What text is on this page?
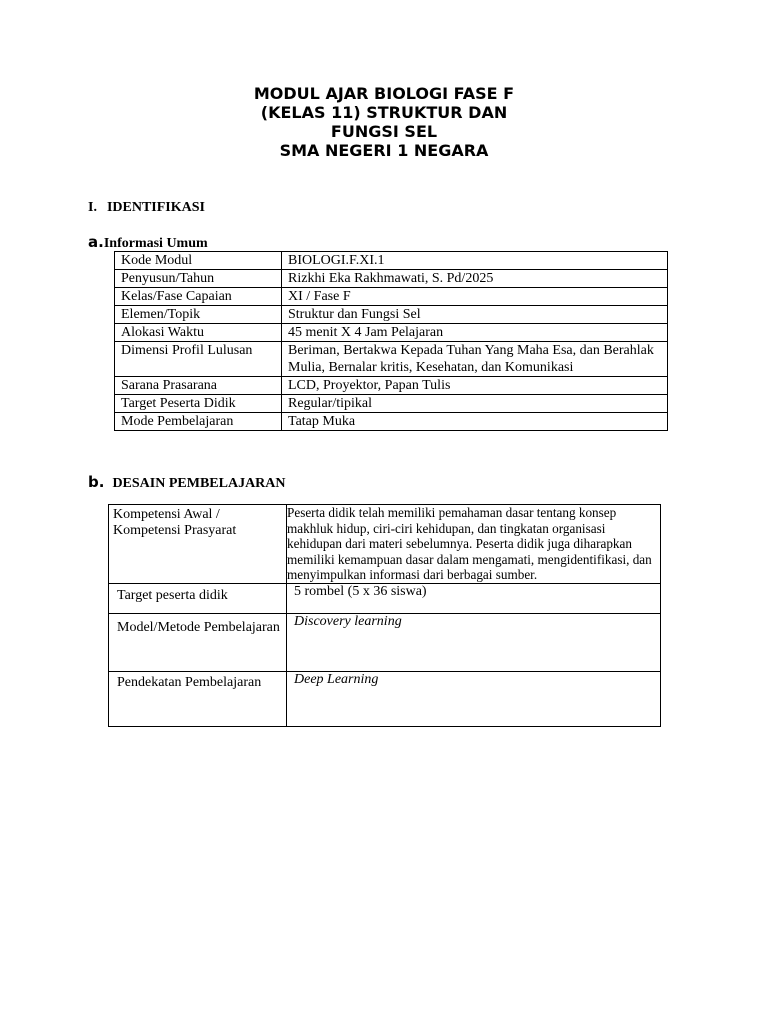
MODUL AJAR BIOLOGI FASE F
(KELAS 11) STRUKTUR DAN
FUNGSI SEL
SMA NEGERI 1 NEGARA
I. IDENTIFIKASI
a.Informasi Umum
Kode Modul	BIOLOGI.F.XI.1
Penyusun/Tahun	Rizkhi Eka Rakhmawati, S. Pd/2025
Kelas/Fase Capaian	XI / Fase F
Elemen/Topik	Struktur dan Fungsi Sel
Alokasi Waktu	45 menit X 4 Jam Pelajaran
Dimensi Profil Lulusan	Beriman, Bertakwa Kepada Tuhan Yang Maha Esa, dan Berahlak Mulia, Bernalar kritis, Kesehatan, dan Komunikasi
Sarana Prasarana	LCD, Proyektor, Papan Tulis
Target Peserta Didik	Regular/tipikal
Mode Pembelajaran	Tatap Muka
b. DESAIN PEMBELAJARAN
Kompetensi Awal / Kompetensi Prasyarat	Peserta didik telah memiliki pemahaman dasar tentang konsep makhluk hidup, ciri-ciri kehidupan, dan tingkatan organisasi kehidupan dari materi sebelumnya. Peserta didik juga diharapkan memiliki kemampuan dasar dalam mengamati, mengidentifikasi, dan menyimpulkan informasi dari berbagai sumber.
Target peserta didik	5 rombel (5 x 36 siswa)
Model/Metode Pembelajaran	Discovery learning
Pendekatan Pembelajaran	Deep Learning
